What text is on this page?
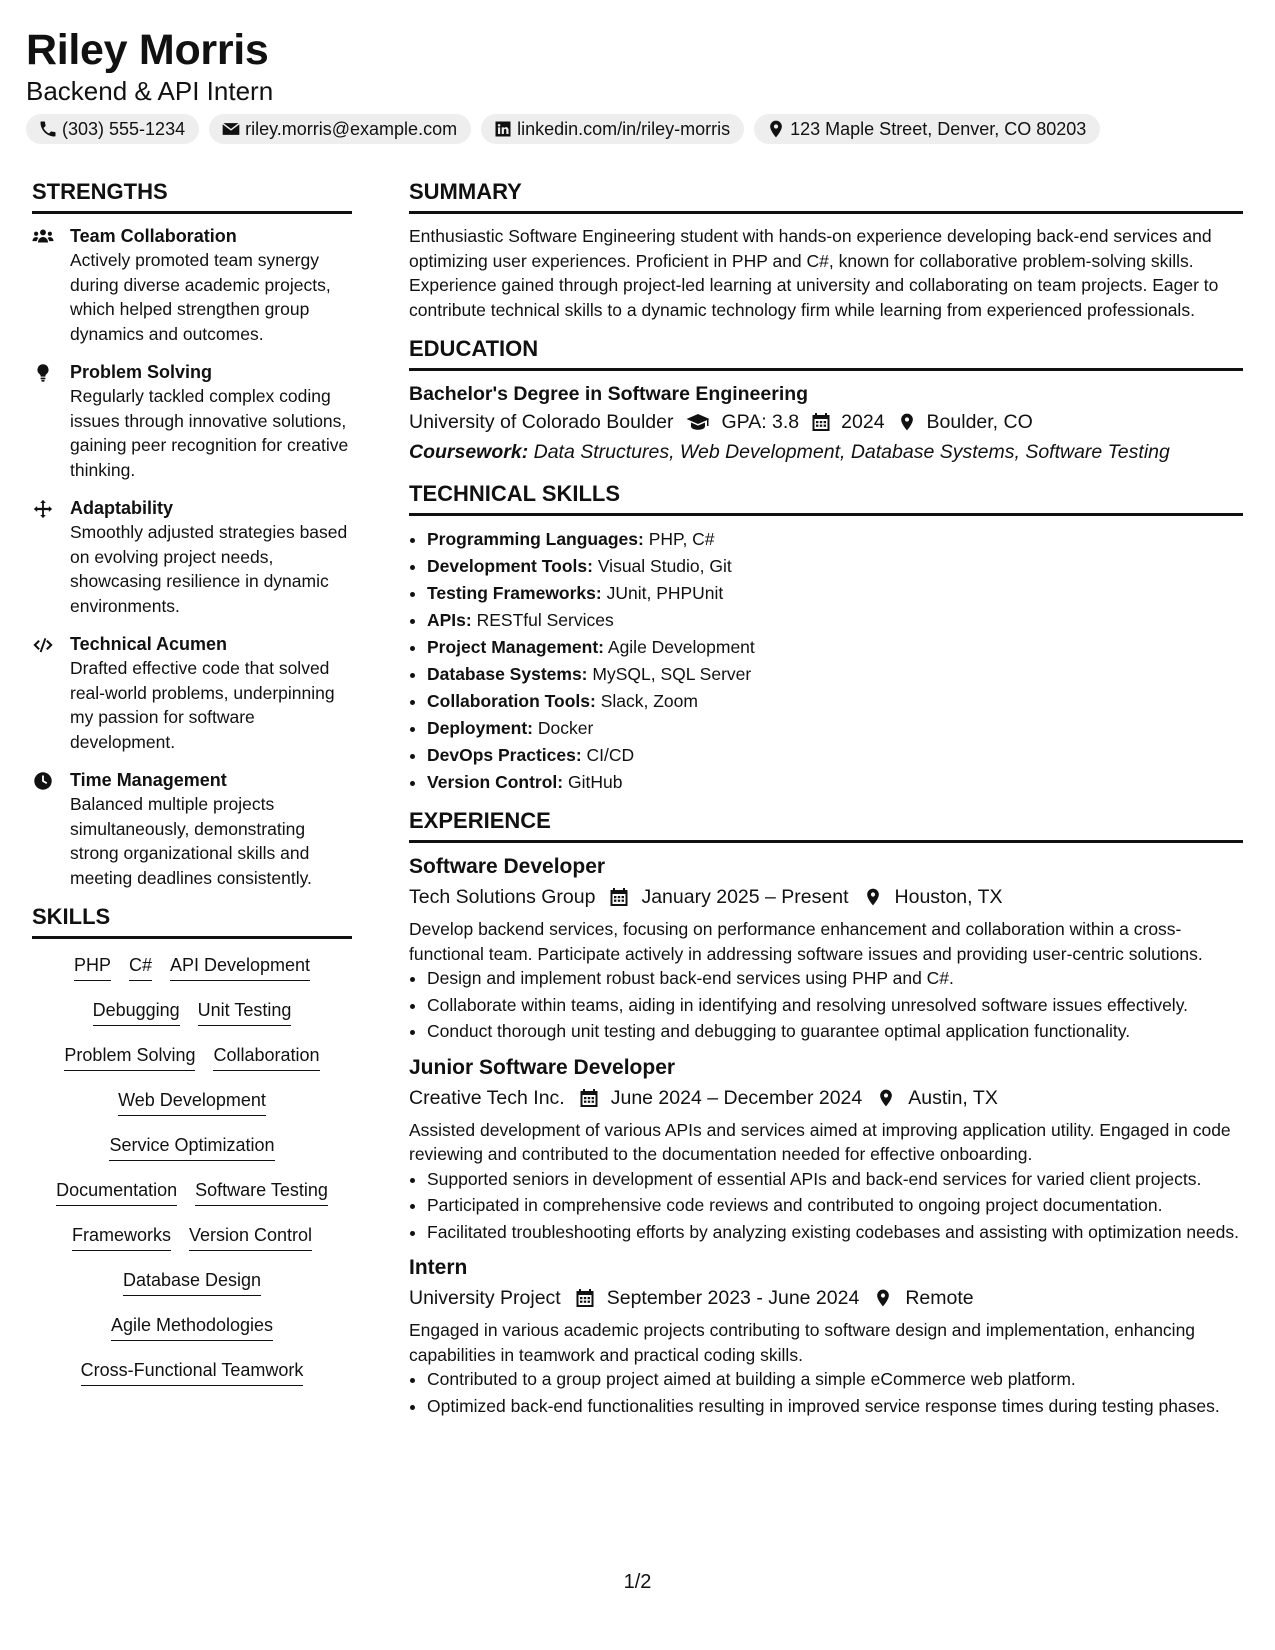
Riley Morris
Backend & API Intern
(303) 555-1234	riley.morris@example.com	linkedin.com/in/riley-morris	123 Maple Street, Denver, CO 80203
STRENGTHS
Team Collaboration
Actively promoted team synergy during diverse academic projects, which helped strengthen group dynamics and outcomes.
Problem Solving
Regularly tackled complex coding issues through innovative solutions, gaining peer recognition for creative thinking.
Adaptability
Smoothly adjusted strategies based on evolving project needs, showcasing resilience in dynamic environments.
Technical Acumen
Drafted effective code that solved real-world problems, underpinning my passion for software development.
Time Management
Balanced multiple projects simultaneously, demonstrating strong organizational skills and meeting deadlines consistently.
SKILLS
PHP C# API Development
Debugging Unit Testing
Problem Solving Collaboration
Web Development
Service Optimization
Documentation Software Testing
Frameworks Version Control
Database Design
Agile Methodologies
Cross-Functional Teamwork
SUMMARY
Enthusiastic Software Engineering student with hands-on experience developing back-end services and optimizing user experiences. Proficient in PHP and C#, known for collaborative problem-solving skills. Experience gained through project-led learning at university and collaborating on team projects. Eager to contribute technical skills to a dynamic technology firm while learning from experienced professionals.
EDUCATION
Bachelor's Degree in Software Engineering
University of Colorado Boulder GPA: 3.8 2024 Boulder, CO
Coursework: Data Structures, Web Development, Database Systems, Software Testing
TECHNICAL SKILLS
• Programming Languages: PHP, C#
• Development Tools: Visual Studio, Git
• Testing Frameworks: JUnit, PHPUnit
• APIs: RESTful Services
• Project Management: Agile Development
• Database Systems: MySQL, SQL Server
• Collaboration Tools: Slack, Zoom
• Deployment: Docker
• DevOps Practices: CI/CD
• Version Control: GitHub
EXPERIENCE
Software Developer
Tech Solutions Group January 2025 – Present Houston, TX
Develop backend services, focusing on performance enhancement and collaboration within a cross-functional team. Participate actively in addressing software issues and providing user-centric solutions.
• Design and implement robust back-end services using PHP and C#.
• Collaborate within teams, aiding in identifying and resolving unresolved software issues effectively.
• Conduct thorough unit testing and debugging to guarantee optimal application functionality.
Junior Software Developer
Creative Tech Inc. June 2024 – December 2024 Austin, TX
Assisted development of various APIs and services aimed at improving application utility. Engaged in code reviewing and contributed to the documentation needed for effective onboarding.
• Supported seniors in development of essential APIs and back-end services for varied client projects.
• Participated in comprehensive code reviews and contributed to ongoing project documentation.
• Facilitated troubleshooting efforts by analyzing existing codebases and assisting with optimization needs.
Intern
University Project September 2023 - June 2024 Remote
Engaged in various academic projects contributing to software design and implementation, enhancing capabilities in teamwork and practical coding skills.
• Contributed to a group project aimed at building a simple eCommerce web platform.
• Optimized back-end functionalities resulting in improved service response times during testing phases.
1/2
